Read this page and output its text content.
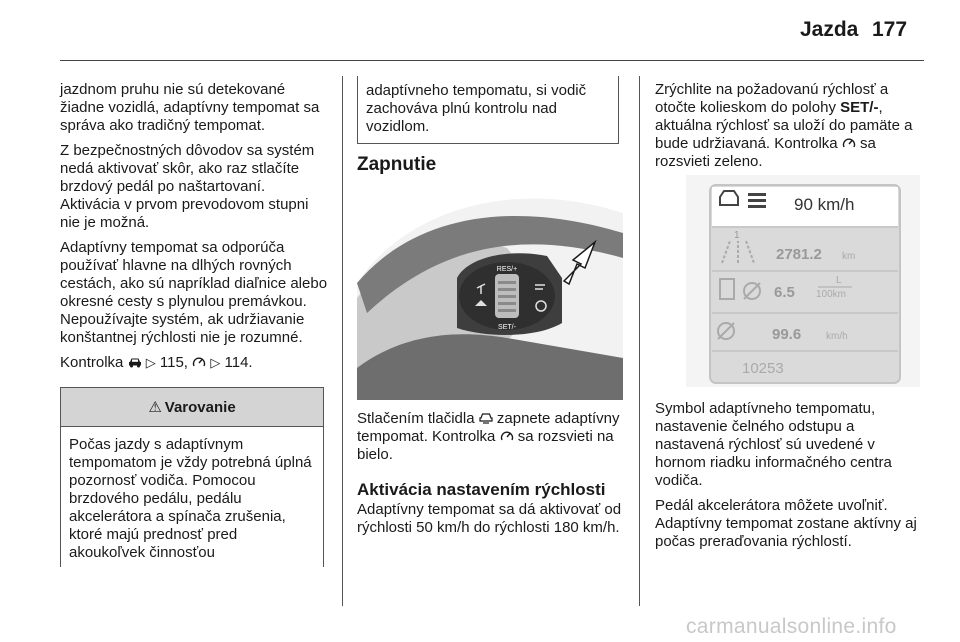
Jazda 177

jazdnom pruhu nie sú detekované žiadne vozidlá, adaptívny tempomat sa správa ako tradičný tempomat.

Z bezpečnostných dôvodov sa systém nedá aktivovať skôr, ako raz stlačíte brzdový pedál po naštartovaní. Aktivácia v prvom prevodovom stupni nie je možná.

Adaptívny tempomat sa odporúča používať hlavne na dlhých rovných cestách, ako sú napríklad diaľnice alebo okresné cesty s plynulou premávkou. Nepoužívajte systém, ak udržiavanie konštantnej rýchlosti nie je rozumné.

Kontrolka ▷ 115, ▷ 114.

⚠ Varovanie
Počas jazdy s adaptívnym tempomatom je vždy potrebná úplná pozornosť vodiča. Pomocou brzdového pedálu, pedálu akcelerátora a spínača zrušenia, ktoré majú prednosť pred akoukoľvek činnosťou
adaptívneho tempomatu, si vodič zachováva plnú kontrolu nad vozidlom.
Zapnutie
RES/+
SET/-

Stlačením tlačidla zapnete adaptívny tempomat. Kontrolka sa rozsvieti na bielo.

Aktivácia nastavením rýchlosti

Adaptívny tempomat sa dá aktivovať od rýchlosti 50 km/h do rýchlosti 180 km/h.

Zrýchlite na požadovanú rýchlosť a otočte kolieskom do polohy SET/-, aktuálna rýchlosť sa uloží do pamäte a bude udržiavaná. Kontrolka sa rozsvieti zeleno.

90 km/h
1
2781.2 km
6.5
L
100km
99.6 km/h
10253

Symbol adaptívneho tempomatu, nastavenie čelného odstupu a nastavená rýchlosť sú uvedené v hornom riadku informačného centra vodiča.

Pedál akcelerátora môžete uvoľniť. Adaptívny tempomat zostane aktívny aj počas preraďovania rýchlostí.

carmanualsonline.info
